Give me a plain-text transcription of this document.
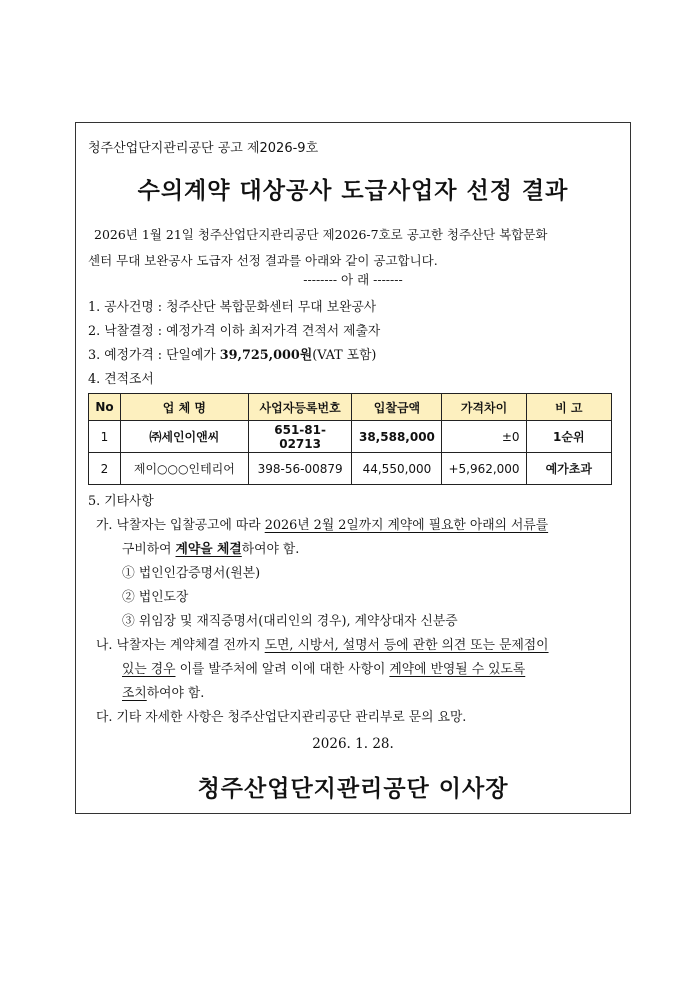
청주산업단지관리공단 공고 제2026-9호
수의계약 대상공사 도급사업자 선정 결과

2026년 1월 21일 청주산업단지관리공단 제2026-7호로 공고한 청주산단 복합문화

센터 무대 보완공사 도급자 선정 결과를 아래와 같이 공고합니다.

-------- 아 래 -------
1. 공사건명 : 청주산단 복합문화센터 무대 보완공사
2. 낙찰결정 : 예정가격 이하 최저가격 견적서 제출자
3. 예정가격 : 단일예가 39,725,000원(VAT 포함)
4. 견적조서
No	업 체 명	사업자등록번호	입찰금액	가격차이	비 고
1	㈜세인이앤씨	651-81-02713	38,588,000	±0	1순위
2	제이○○○인테리어	398-56-00879	44,550,000	+5,962,000	예가초과
5. 기타사항
가. 낙찰자는 입찰공고에 따라 2026년 2월 2일까지 계약에 필요한 아래의 서류를
구비하여 계약을 체결하여야 함.
① 법인인감증명서(원본)
② 법인도장
③ 위임장 및 재직증명서(대리인의 경우), 계약상대자 신분증
나. 낙찰자는 계약체결 전까지 도면, 시방서, 설명서 등에 관한 의견 또는 문제점이
있는 경우 이를 발주처에 알려 이에 대한 사항이 계약에 반영될 수 있도록
조치하여야 함.
다. 기타 자세한 사항은 청주산업단지관리공단 관리부로 문의 요망.
2026. 1. 28.
청주산업단지관리공단 이사장
